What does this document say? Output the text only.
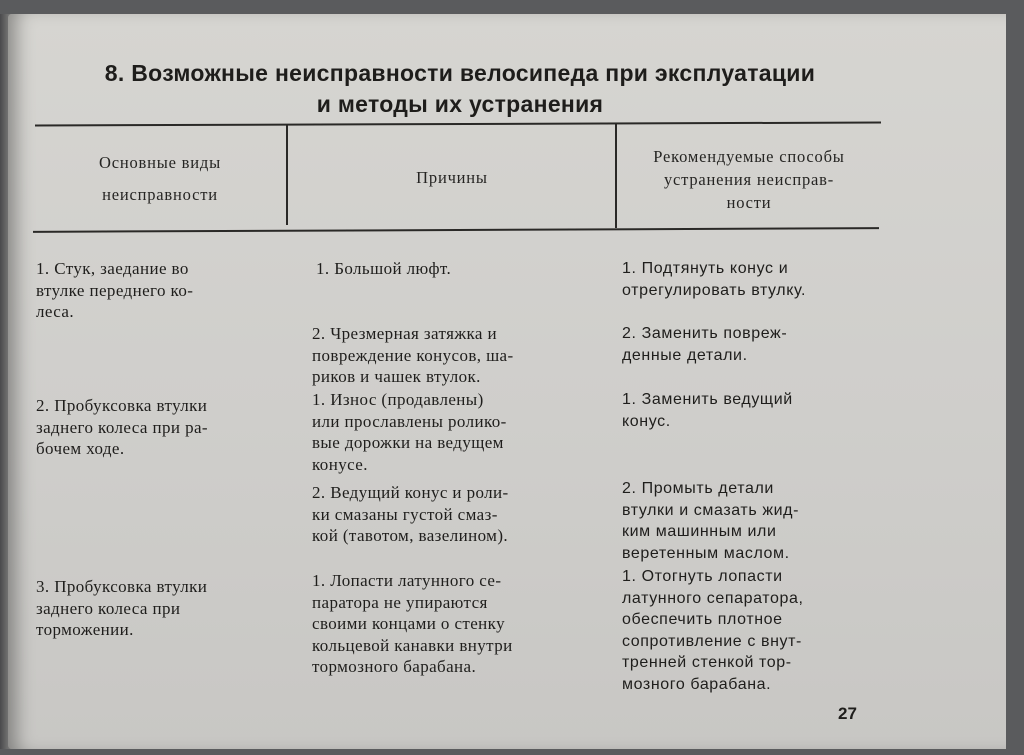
8. Возможные неисправности велосипеда при эксплуатации
и методы их устранения
Основные виды
неисправности
Причины
Рекомендуемые способы
устранения неисправ-
ности
1. Стук, заедание во
втулке переднего ко-
леса.
2. Пробуксовка втулки
заднего колеса при ра-
бочем ходе.
3. Пробуксовка втулки
заднего колеса при
торможении.
1. Большой люфт.
2. Чрезмерная затяжка и
повреждение конусов, ша-
риков и чашек втулок.
1. Износ (продавлены)
или прославлены ролико-
вые дорожки на ведущем
конусе.
2. Ведущий конус и роли-
ки смазаны густой смаз-
кой (тавотом, вазелином).
1. Лопасти латунного се-
паратора не упираются
своими концами о стенку
кольцевой канавки внутри
тормозного барабана.
1. Подтянуть конус и
отрегулировать втулку.
2. Заменить повреж-
денные детали.
1. Заменить ведущий
конус.
2. Промыть детали
втулки и смазать жид-
ким машинным или
веретенным маслом.
1. Отогнуть лопасти
латунного сепаратора,
обеспечить плотное
сопротивление с внут-
тренней стенкой тор-
мозного барабана.
27
